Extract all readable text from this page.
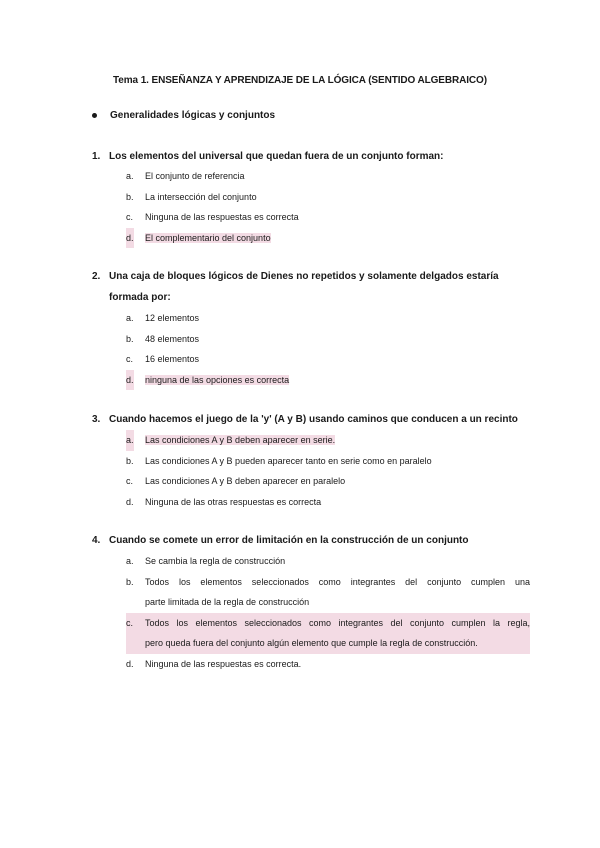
Tema 1. ENSEÑANZA Y APRENDIZAJE DE LA LÓGICA (SENTIDO ALGEBRAICO)
Generalidades lógicas y conjuntos
1. Los elementos del universal que quedan fuera de un conjunto forman:
a. El conjunto de referencia
b. La intersección del conjunto
c. Ninguna de las respuestas es correcta
d. El complementario del conjunto
2. Una caja de bloques lógicos de Dienes no repetidos y solamente delgados estaría formada por:
a. 12 elementos
b. 48 elementos
c. 16 elementos
d. ninguna de las opciones es correcta
3. Cuando hacemos el juego de la 'y' (A y B) usando caminos que conducen a un recinto
a. Las condiciones A y B deben aparecer en serie.
b. Las condiciones A y B pueden aparecer tanto en serie como en paralelo
c. Las condiciones A y B deben aparecer en paralelo
d. Ninguna de las otras respuestas es correcta
4. Cuando se comete un error de limitación en la construcción de un conjunto
a. Se cambia la regla de construcción
b. Todos los elementos seleccionados como integrantes del conjunto cumplen una
parte limitada de la regla de construcción
c. Todos los elementos seleccionados como integrantes del conjunto cumplen la regla,
pero queda fuera del conjunto algún elemento que cumple la regla de construcción.
d. Ninguna de las respuestas es correcta.
